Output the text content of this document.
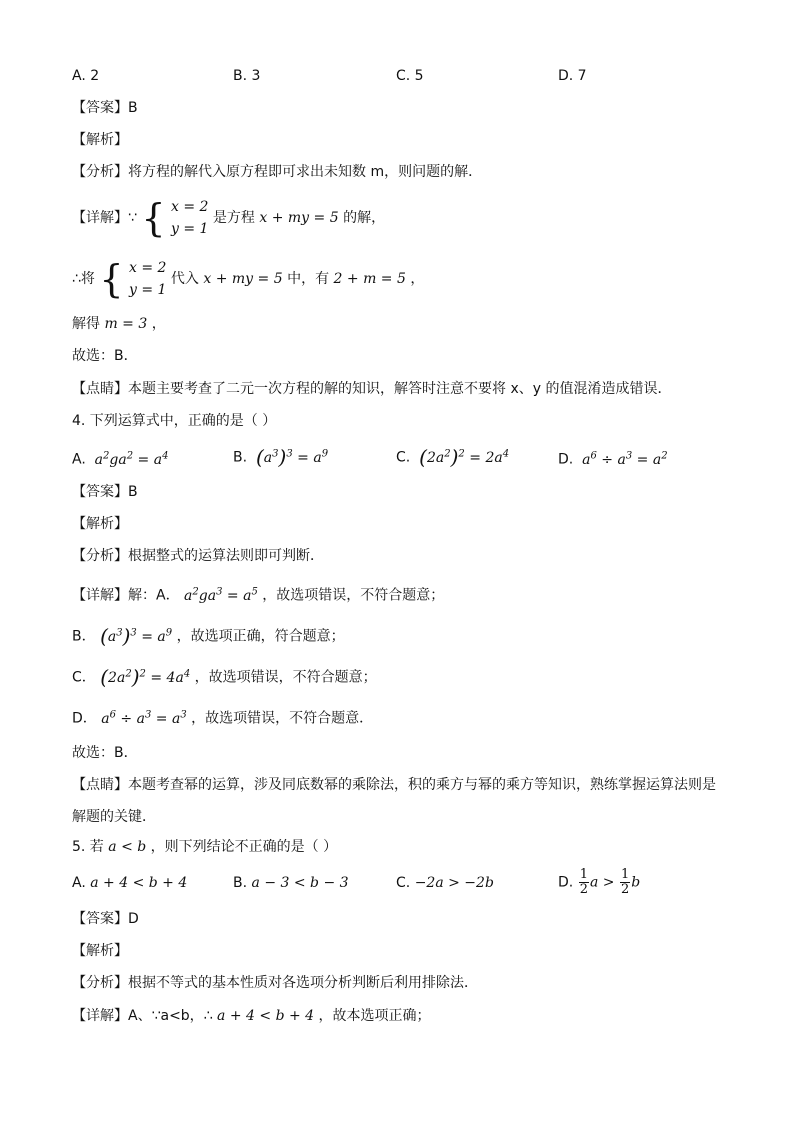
A. 2	B. 3	C. 5	D. 7
【答案】B
【解析】
【分析】将方程的解代入原方程即可求出未知数 m，则问题的解．
【详解】∵ { x = 2
y = 1 是方程 x + my = 5 的解，
∴将 { x = 2
y = 1 代入 x + my = 5 中，有 2 + m = 5 ，
解得 m = 3 ，
故选：B．
【点睛】本题主要考查了二元一次方程的解的知识，解答时注意不要将 x、y 的值混淆造成错误．
4. 下列运算式中，正确的是（ ）
A.  $a^2ga^2 = a^4$	B. $(a^3)^3 = a^9$	C. $(2a^2)^2 = 2a^4$	D.  $a^6 \div a^3 = a^2$
【答案】B
【解析】
【分析】根据整式的运算法则即可判断．
【详解】解：A． $a^2ga^3 = a^5$ ，故选项错误，不符合题意；
B． $(a^3)^3 = a^9$ ，故选项正确，符合题意；
C． $(2a^2)^2 = 4a^4$ ，故选项错误，不符合题意；
D． $a^6 \div a^3 = a^3$ ，故选项错误，不符合题意．
故选：B．
【点睛】本题考查幂的运算，涉及同底数幂的乘除法，积的乘方与幂的乘方等知识，熟练掌握运算法则是
解题的关键．
5. 若 a < b ，则下列结论不正确的是（ ）
A. a + 4 < b + 4	B. a − 3 < b − 3	C. −2a > −2b	D. $\frac{1}{2}$ $a > \frac{1}{2}$ b
【答案】D
【解析】
【分析】根据不等式的基本性质对各选项分析判断后利用排除法．
【详解】A、∵a<b，∴ a + 4 < b + 4 ，故本选项正确；
